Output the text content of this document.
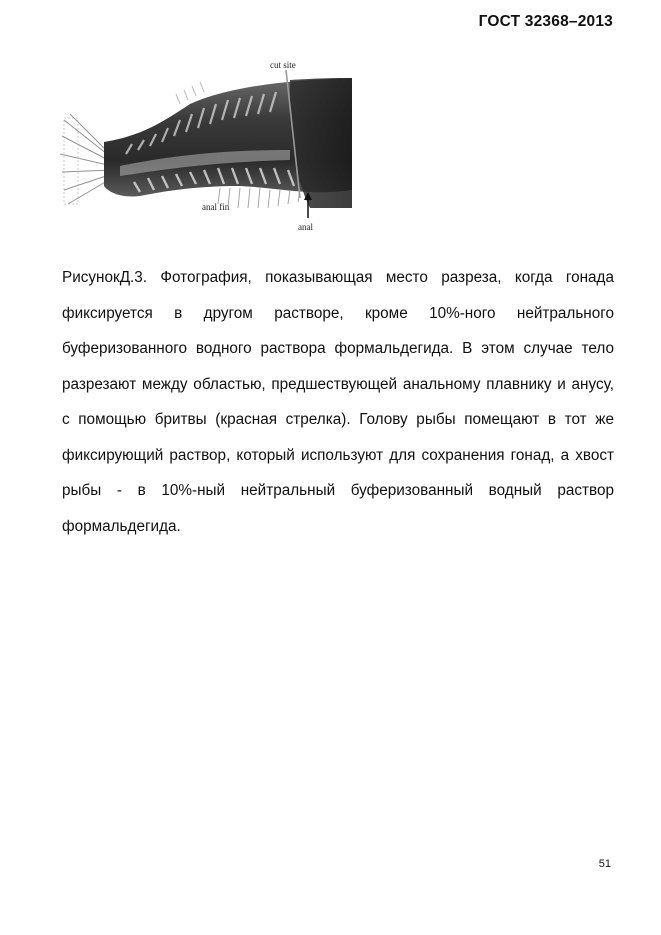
ГОСТ 32368–2013
cut site
anal fin
anal

РисунокД.3. Фотография, показывающая место разреза, когда гонада фиксируется в другом растворе, кроме 10%-ного нейтрального буферизованного водного раствора формальдегида. В этом случае тело разрезают между областью, предшествующей анальному плавнику и анусу, с помощью бритвы (красная стрелка). Голову рыбы помещают в тот же фиксирующий раствор, который используют для сохранения гонад, а хвост рыбы - в 10%-ный нейтральный буферизованный водный раствор формальдегида.

51
